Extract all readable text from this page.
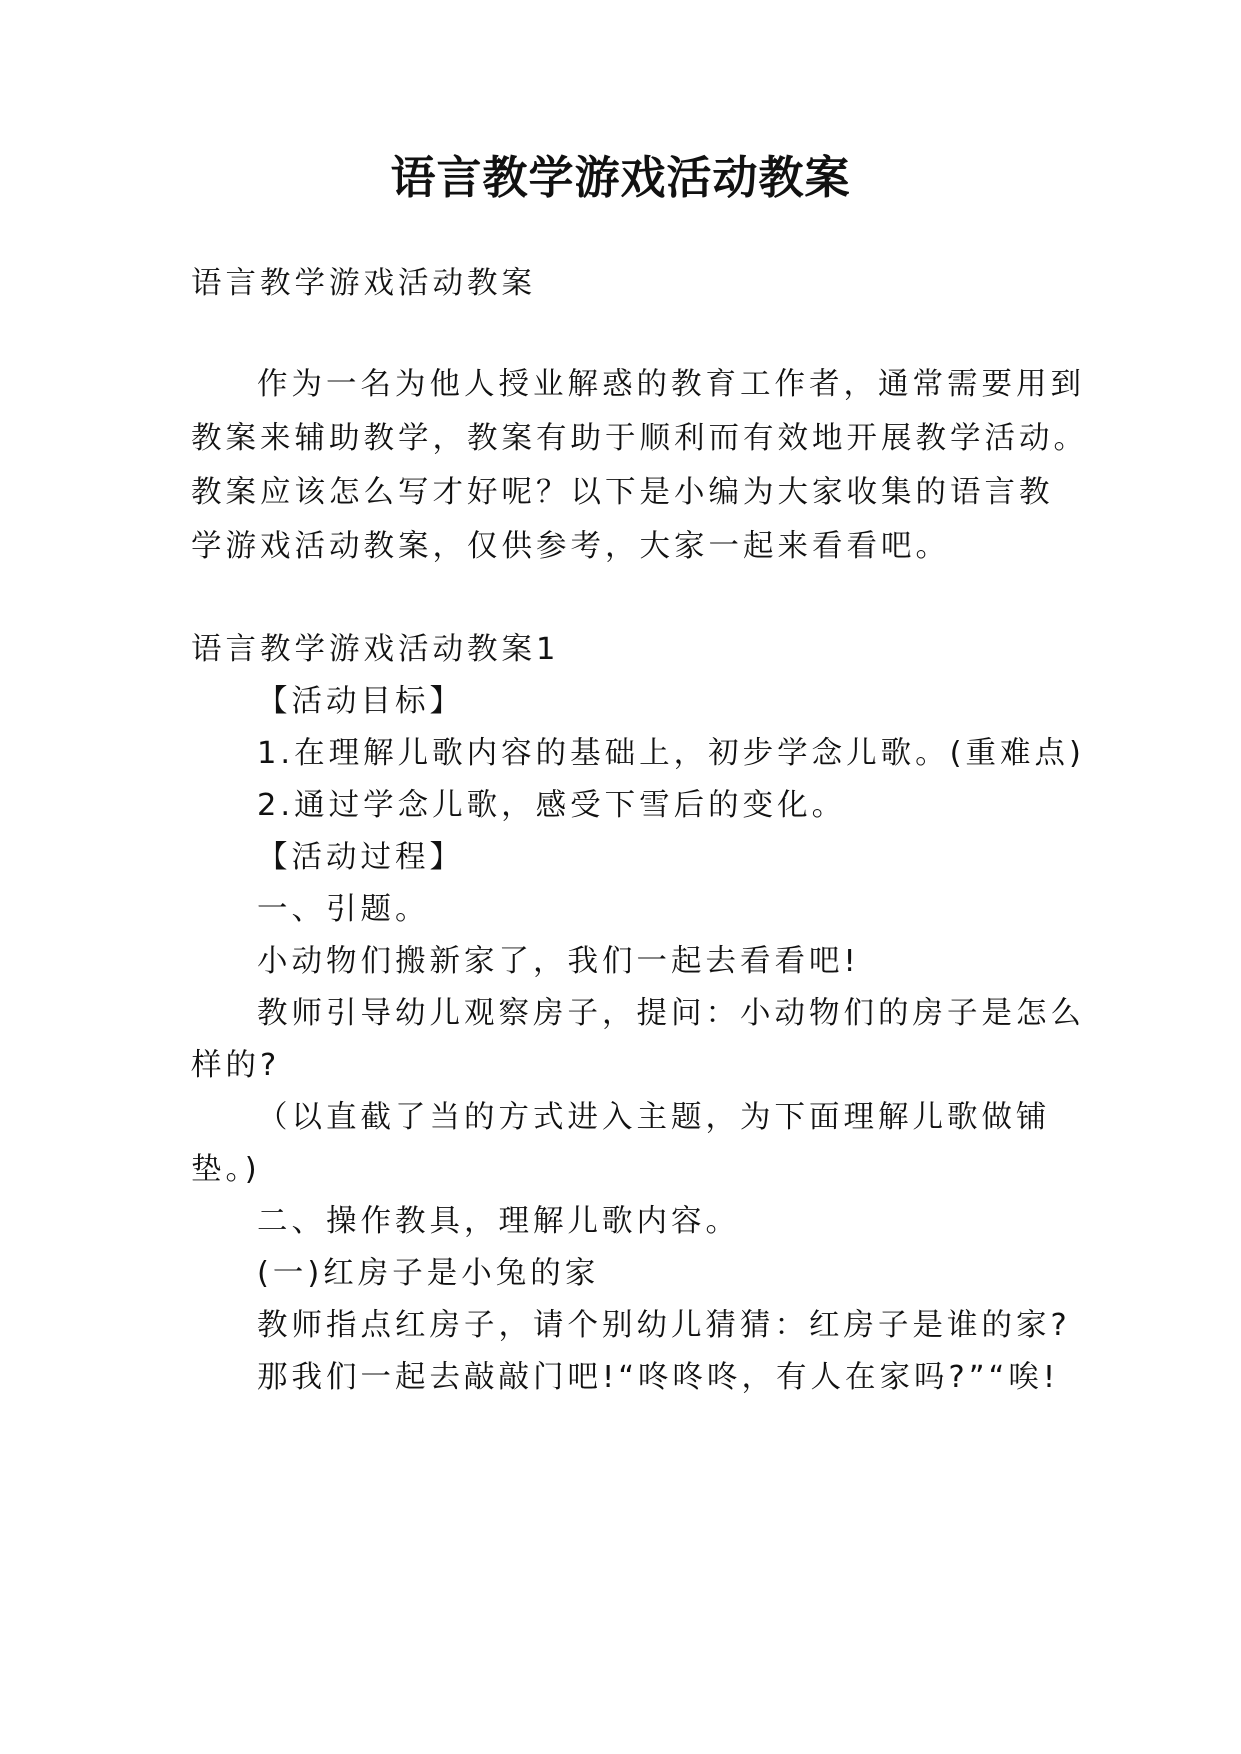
语言教学游戏活动教案

语言教学游戏活动教案

作为一名为他人授业解惑的教育工作者，通常需要用到

教案来辅助教学，教案有助于顺利而有效地开展教学活动。

教案应该怎么写才好呢？以下是小编为大家收集的语言教

学游戏活动教案，仅供参考，大家一起来看看吧。

语言教学游戏活动教案1

【活动目标】

1.在理解儿歌内容的基础上，初步学念儿歌。(重难点)

2.通过学念儿歌，感受下雪后的变化。

【活动过程】

一、引题。

小动物们搬新家了，我们一起去看看吧!

教师引导幼儿观察房子，提问：小动物们的房子是怎么

样的?

（以直截了当的方式进入主题，为下面理解儿歌做铺

垫。)

二、操作教具，理解儿歌内容。

(一)红房子是小兔的家

教师指点红房子，请个别幼儿猜猜：红房子是谁的家?

那我们一起去敲敲门吧!“咚咚咚，有人在家吗?”“唉!
